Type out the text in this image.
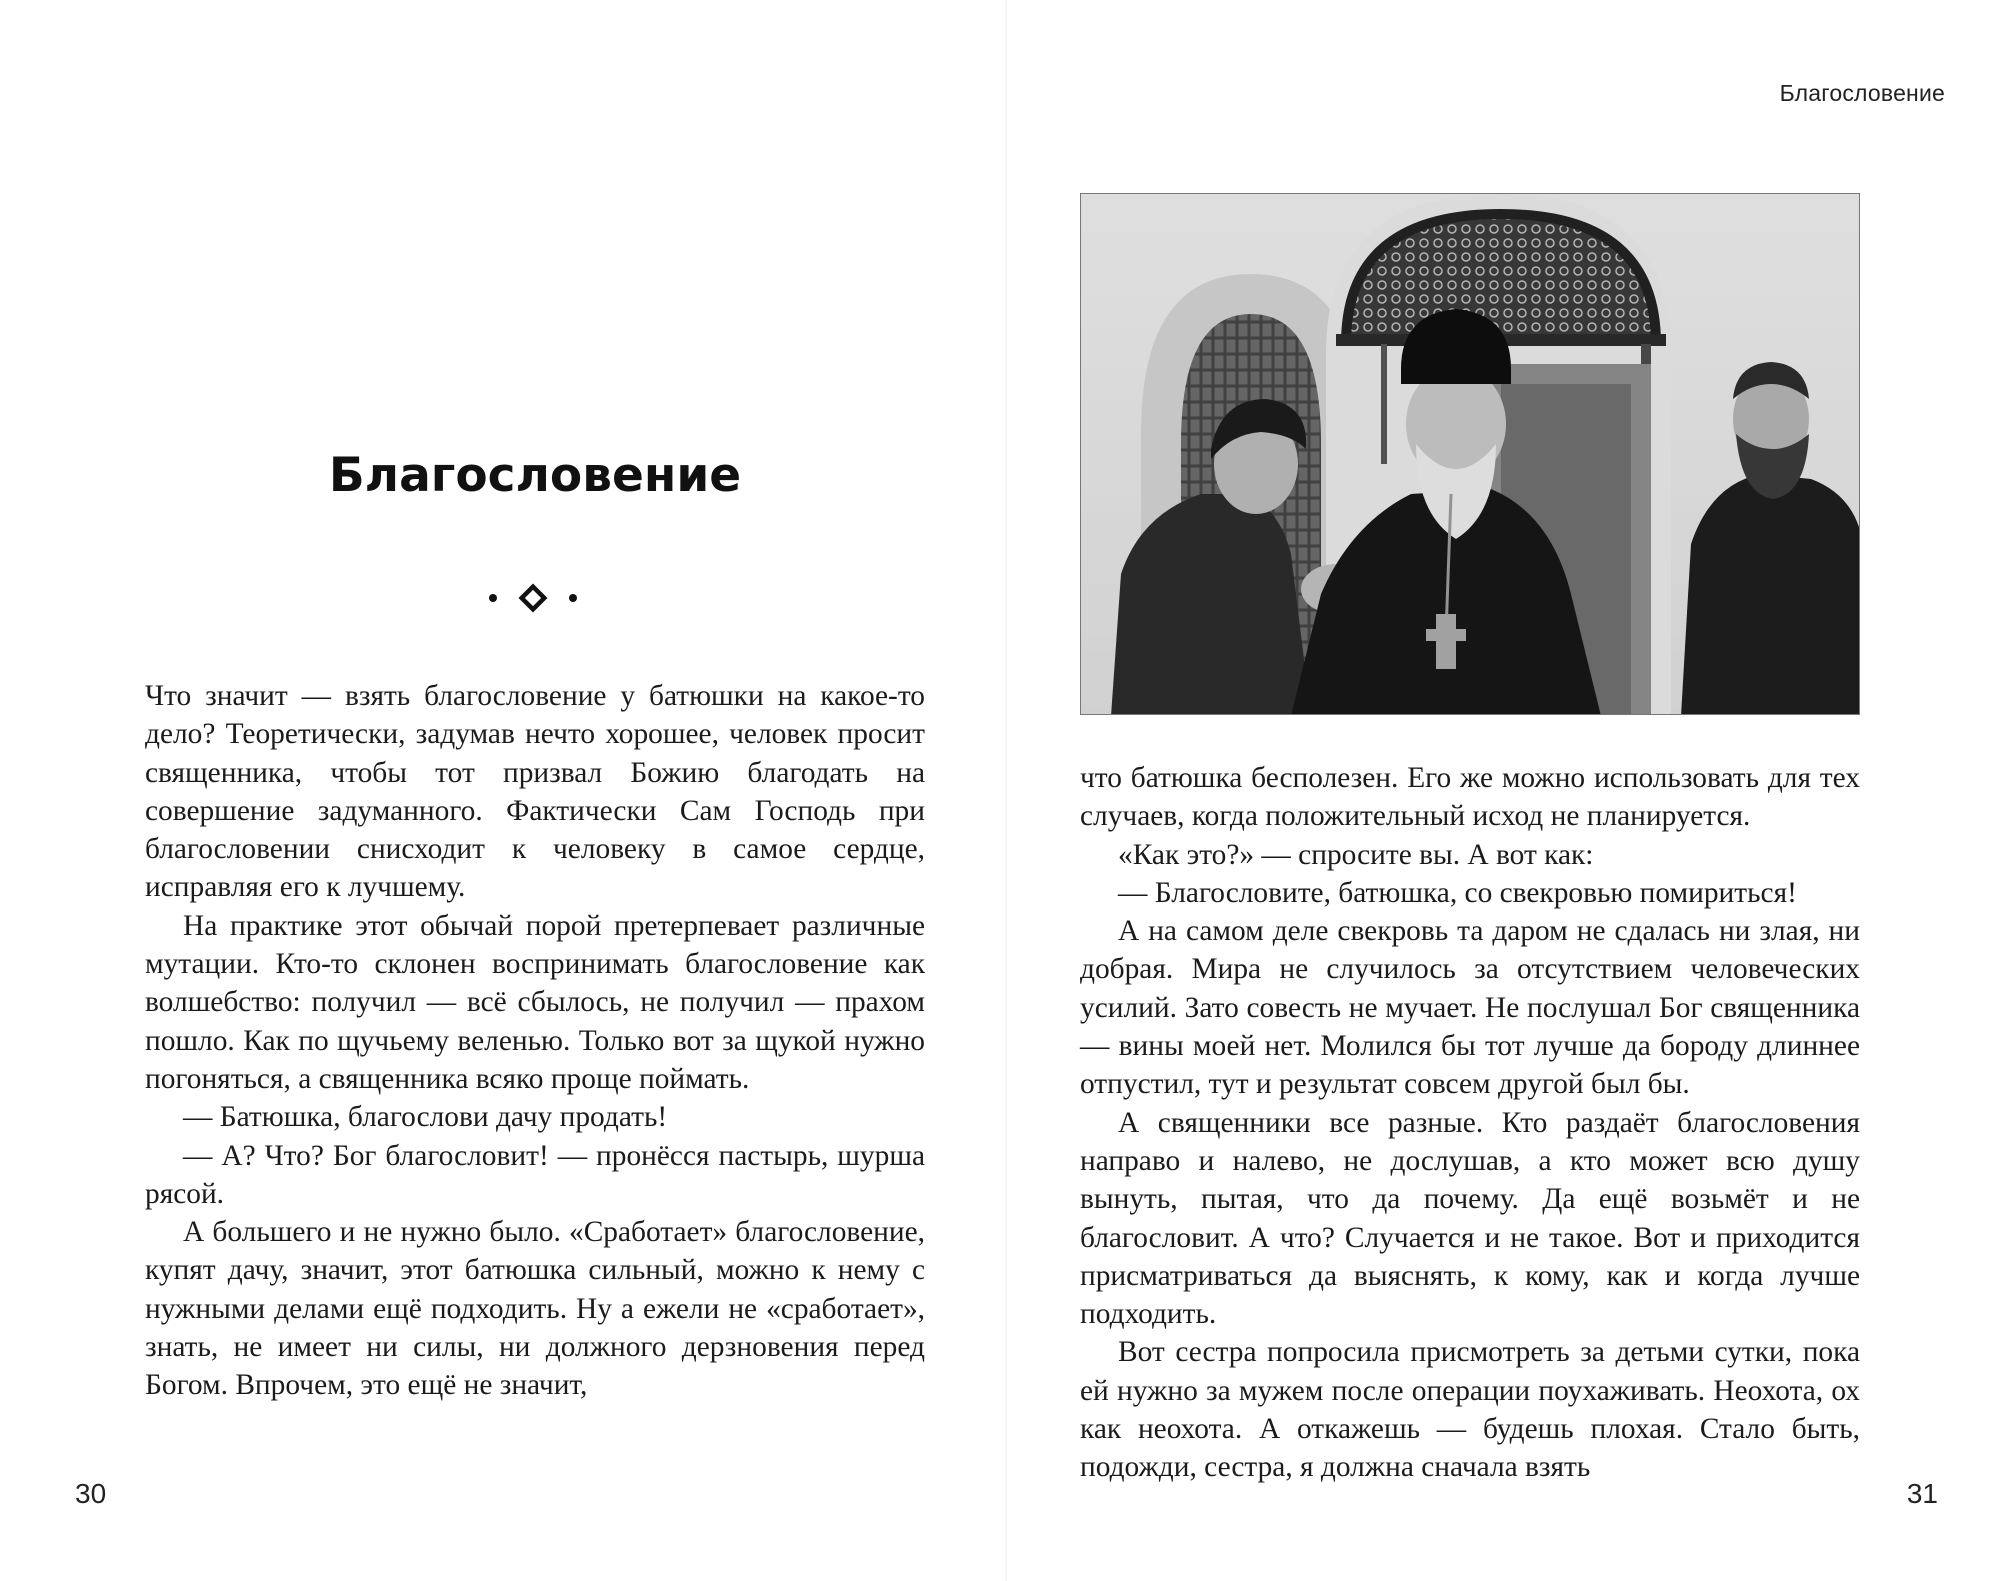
Благословение

Что значит — взять благословение у батюшки на какое-то дело? Теоретически, задумав нечто хорошее, человек просит священника, чтобы тот призвал Божию благодать на совершение задуманного. Фактически Сам Господь при благословении снисходит к человеку в самое сердце, исправляя его к лучшему.

На практике этот обычай порой претерпевает различные мутации. Кто-то склонен воспринимать благословение как волшебство: получил — всё сбылось, не получил — прахом пошло. Как по щучьему веленью. Только вот за щукой нужно погоняться, а священника всяко проще поймать.

— Батюшка, благослови дачу продать!

— А? Что? Бог благословит! — пронёсся пастырь, шурша рясой.

А большего и не нужно было. «Сработает» благословение, купят дачу, значит, этот батюшка сильный, можно к нему с нужными делами ещё подходить. Ну а ежели не «сработает», знать, не имеет ни силы, ни должного дерзновения перед Богом. Впрочем, это ещё не значит,

30
Благословение

что батюшка бесполезен. Его же можно использовать для тех случаев, когда положительный исход не планируется.

«Как это?» — спросите вы. А вот как:

— Благословите, батюшка, со свекровью помириться!

А на самом деле свекровь та даром не сдалась ни злая, ни добрая. Мира не случилось за отсутствием человеческих усилий. Зато совесть не мучает. Не послушал Бог священника — вины моей нет. Молился бы тот лучше да бороду длиннее отпустил, тут и результат совсем другой был бы.

А священники все разные. Кто раздаёт благословения направо и налево, не дослушав, а кто может всю душу вынуть, пытая, что да почему. Да ещё возьмёт и не благословит. А что? Случается и не такое. Вот и приходится присматриваться да выяснять, к кому, как и когда лучше подходить.

Вот сестра попросила присмотреть за детьми сутки, пока ей нужно за мужем после операции поухаживать. Неохота, ох как неохота. А откажешь — будешь плохая. Стало быть, подожди, сестра, я должна сначала взять

31
